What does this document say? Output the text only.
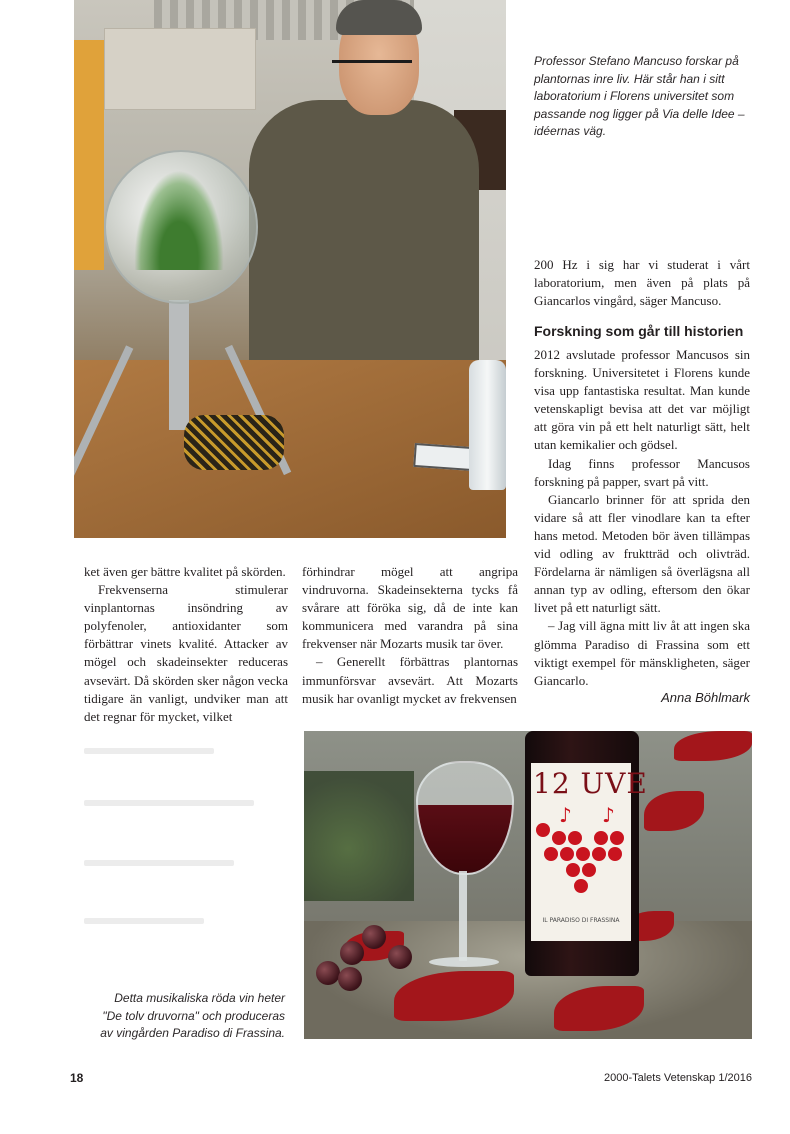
Professor Stefano Mancuso forskar på plantornas inre liv. Här står han i sitt laboratorium i Florens universitet som passande nog ligger på Via delle Idee – idéernas väg.

200 Hz i sig har vi studerat i vårt laboratorium, men även på plats på Giancarlos vingård, säger Mancuso.

Forskning som går till historien

2012 avslutade professor Mancusos sin forskning. Universitetet i Florens kunde visa upp fantastiska resultat. Man kunde vetenskapligt bevisa att det var möjligt att göra vin på ett helt naturligt sätt, helt utan kemikalier och gödsel.

Idag finns professor Mancusos forskning på papper, svart på vitt.

Giancarlo brinner för att sprida den vidare så att fler vinodlare kan ta efter hans metod. Metoden bör även tillämpas vid odling av fruktträd och olivträd. Fördelarna är nämligen så överlägsna all annan typ av odling, eftersom den ökar livet på ett naturligt sätt.

– Jag vill ägna mitt liv åt att ingen ska glömma Paradiso di Frassina som ett viktigt exempel för mänskligheten, säger Giancarlo.

ket även ger bättre kvalitet på skörden.

Frekvenserna stimulerar vinplantornas insöndring av polyfenoler, antioxidanter som förbättrar vinets kvalité. Attacker av mögel och skadeinsekter reduceras avsevärt. Då skörden sker någon vecka tidigare än vanligt, undviker man att det regnar för mycket, vilket

förhindrar mögel att angripa vindruvorna. Skadeinsekterna tycks få svårare att föröka sig, då de inte kan kommunicera med varandra på sina frekvenser när Mozarts musik tar över.

– Generellt förbättras plantornas immunförsvar avsevärt. Att Mozarts musik har ovanligt mycket av frekvensen	Anna Böhlmark
12 UVE
♪ ♪
IL PARADISO DI FRASSINA

Detta musikaliska röda vin heter "De tolv druvorna" och produceras av vingården Paradiso di Frassina.

18	2000-Talets Vetenskap 1/2016
